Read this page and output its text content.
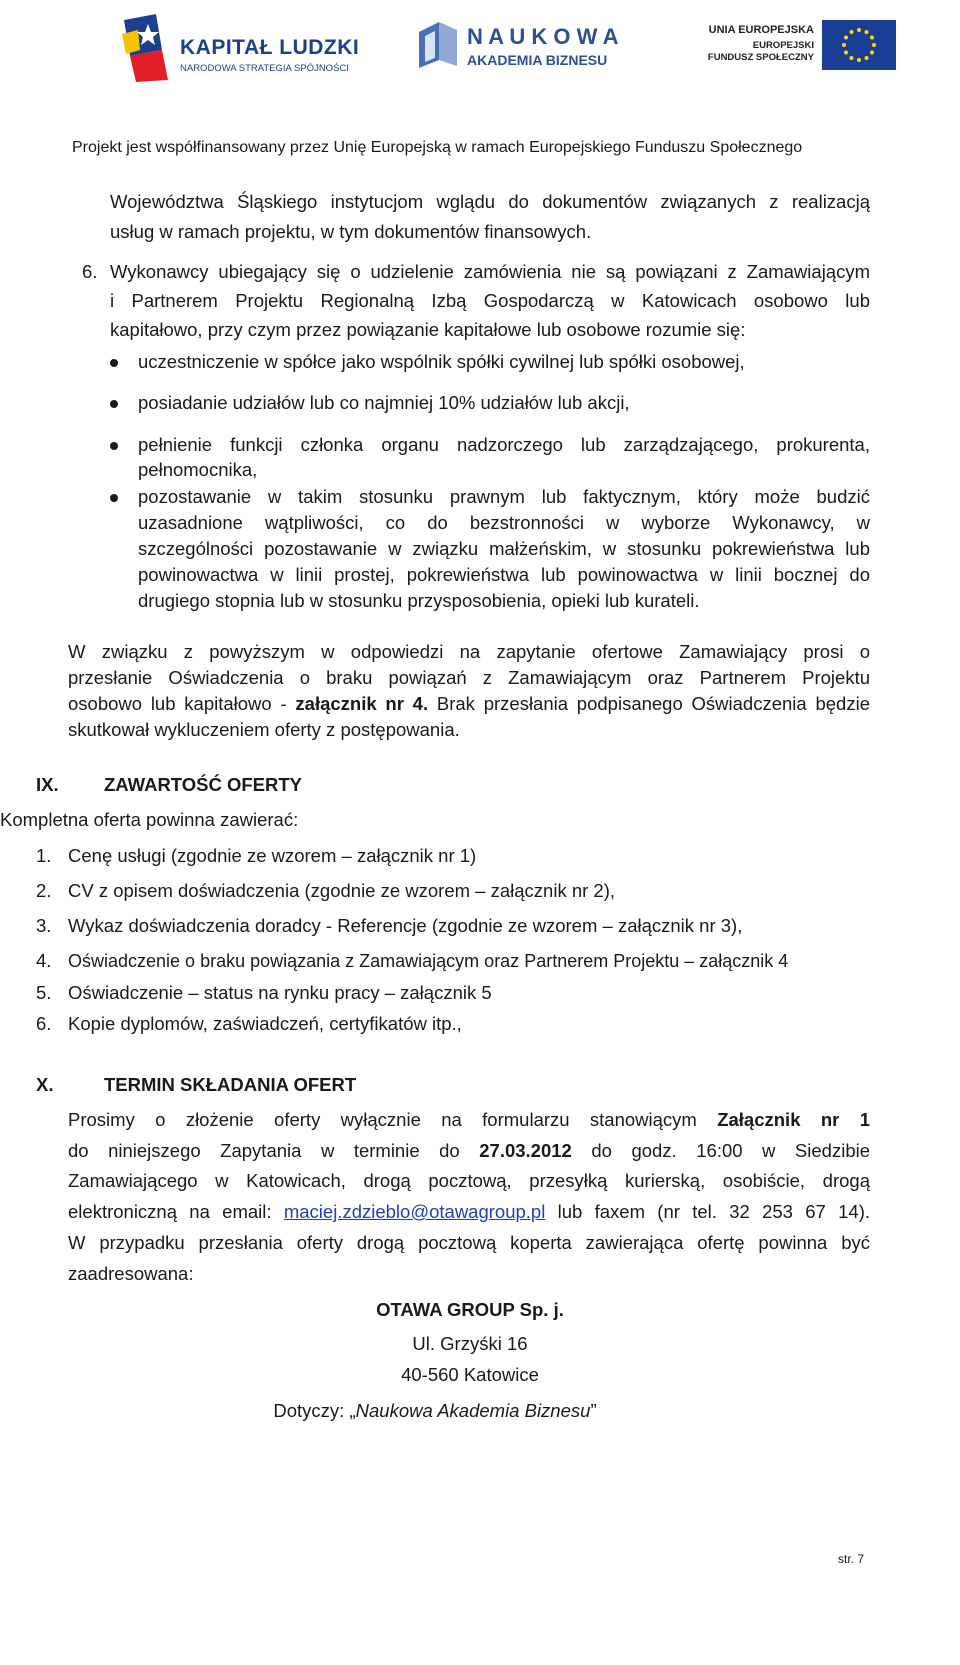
KAPITAŁ LUDZKI
NARODOWA STRATEGIA SPÓJNOŚCI
N A U K O W A
AKADEMIA BIZNESU
UNIA EUROPEJSKA
EUROPEJSKI
FUNDUSZ SPOŁECZNY
Projekt jest współfinansowany przez Unię Europejską w ramach Europejskiego Funduszu Społecznego
Województwa Śląskiego instytucjom wglądu do dokumentów związanych z realizacją
usług w ramach projektu, w tym dokumentów finansowych.
6. Wykonawcy ubiegający się o udzielenie zamówienia nie są powiązani z Zamawiającym
i Partnerem Projektu Regionalną Izbą Gospodarczą w Katowicach osobowo lub
kapitałowo, przy czym przez powiązanie kapitałowe lub osobowe rozumie się:
uczestniczenie w spółce jako wspólnik spółki cywilnej lub spółki osobowej,
posiadanie udziałów lub co najmniej 10% udziałów lub akcji,
pełnienie funkcji członka organu nadzorczego lub zarządzającego, prokurenta,
pełnomocnika,
pozostawanie w takim stosunku prawnym lub faktycznym, który może budzić
uzasadnione wątpliwości, co do bezstronności w wyborze Wykonawcy, w
szczególności pozostawanie w związku małżeńskim, w stosunku pokrewieństwa lub
powinowactwa w linii prostej, pokrewieństwa lub powinowactwa w linii bocznej do
drugiego stopnia lub w stosunku przysposobienia, opieki lub kurateli.
W związku z powyższym w odpowiedzi na zapytanie ofertowe Zamawiający prosi o
przesłanie Oświadczenia o braku powiązań z Zamawiającym oraz Partnerem Projektu
osobowo lub kapitałowo - załącznik nr 4. Brak przesłania podpisanego Oświadczenia będzie
skutkował wykluczeniem oferty z postępowania.
IX. ZAWARTOŚĆ OFERTY
Kompletna oferta powinna zawierać:
1. Cenę usługi (zgodnie ze wzorem – załącznik nr 1)
2. CV z opisem doświadczenia (zgodnie ze wzorem – załącznik nr 2),
3. Wykaz doświadczenia doradcy - Referencje (zgodnie ze wzorem – załącznik nr 3),
4. Oświadczenie o braku powiązania z Zamawiającym oraz Partnerem Projektu – załącznik 4
5. Oświadczenie – status na rynku pracy – załącznik 5
6. Kopie dyplomów, zaświadczeń, certyfikatów itp.,
X.	TERMIN SKŁADANIA OFERT
Prosimy o złożenie oferty wyłącznie na formularzu stanowiącym Załącznik nr 1
do niniejszego Zapytania w terminie do 27.03.2012 do godz. 16:00 w Siedzibie
Zamawiającego w Katowicach, drogą pocztową, przesyłką kurierską, osobiście, drogą
elektroniczną na email: maciej.zdzieblo@otawagroup.pl lub faxem (nr tel. 32 253 67 14).
W przypadku przesłania oferty drogą pocztową koperta zawierająca ofertę powinna być
zaadresowana:
OTAWA GROUP Sp. j.
Ul. Grzyśki 16
40-560 Katowice
Dotyczy: „Naukowa Akademia Biznesu”
str. 7
